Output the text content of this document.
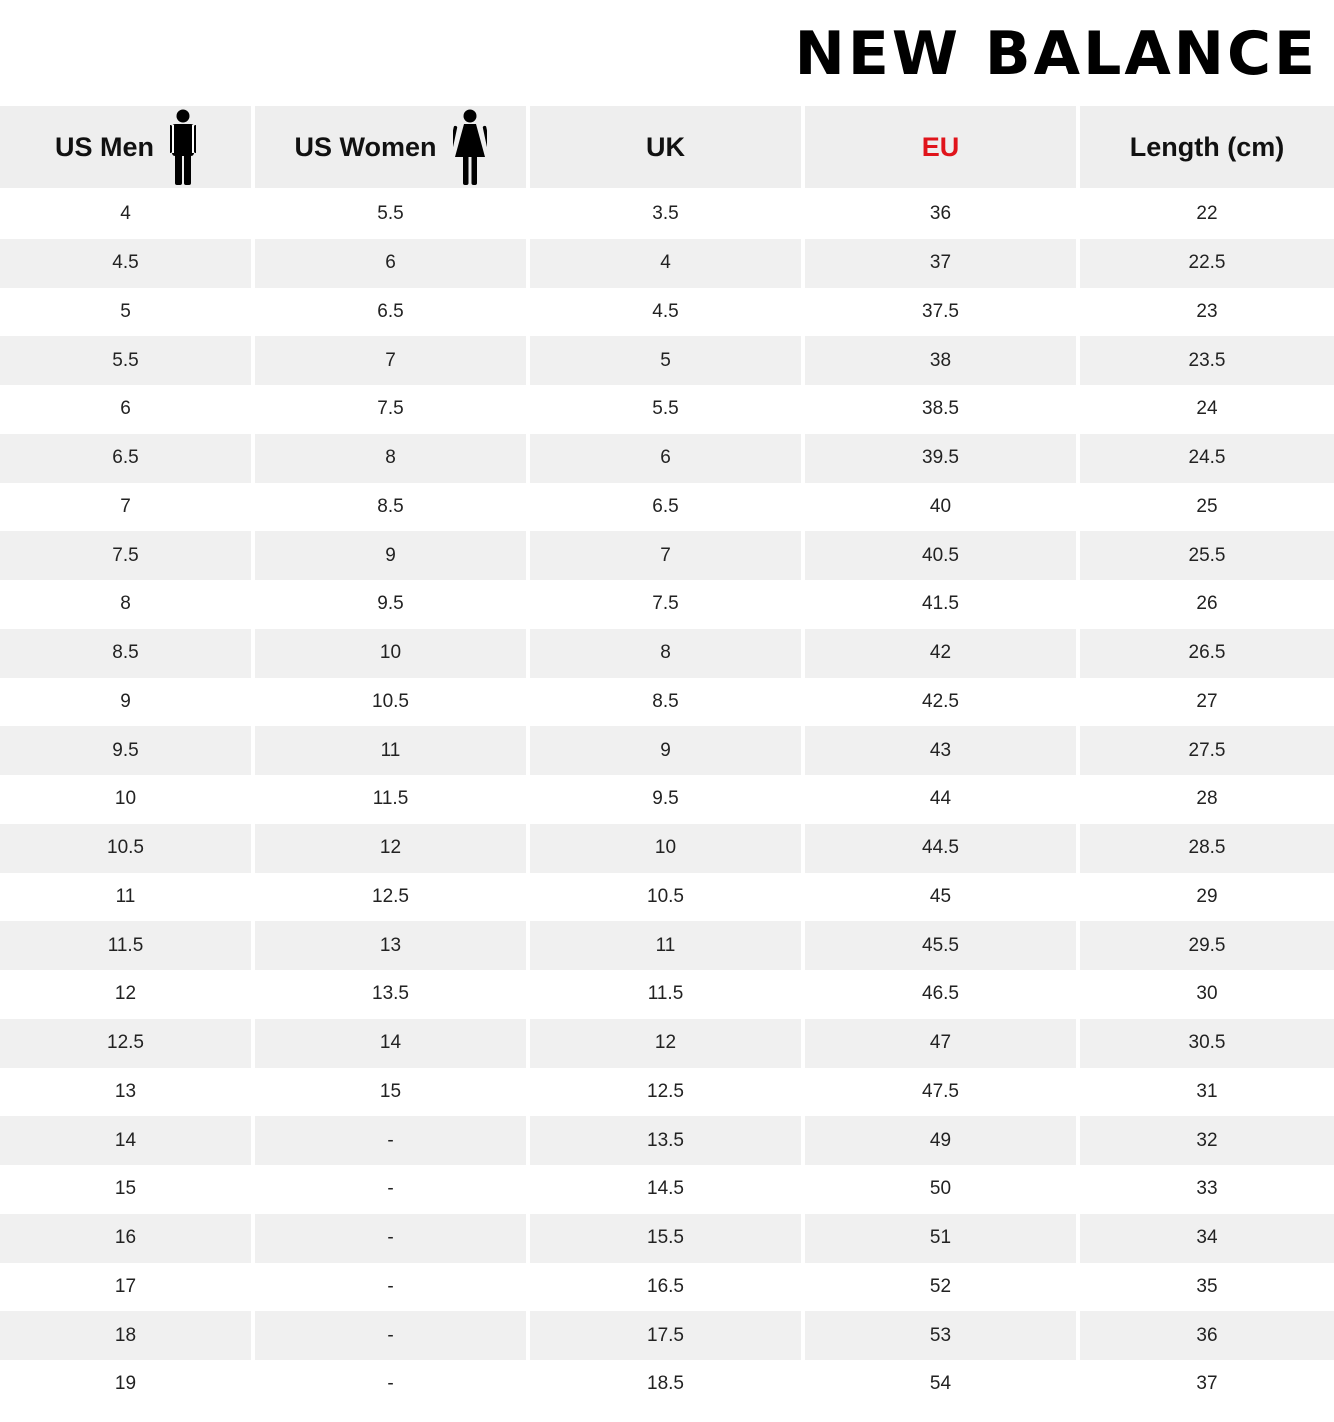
NEW BALANCE
US Men	US Women	UK	EU	Length (cm)
4	5.5	3.5	36	22
4.5	6	4	37	22.5
5	6.5	4.5	37.5	23
5.5	7	5	38	23.5
6	7.5	5.5	38.5	24
6.5	8	6	39.5	24.5
7	8.5	6.5	40	25
7.5	9	7	40.5	25.5
8	9.5	7.5	41.5	26
8.5	10	8	42	26.5
9	10.5	8.5	42.5	27
9.5	11	9	43	27.5
10	11.5	9.5	44	28
10.5	12	10	44.5	28.5
11	12.5	10.5	45	29
11.5	13	11	45.5	29.5
12	13.5	11.5	46.5	30
12.5	14	12	47	30.5
13	15	12.5	47.5	31
14	-	13.5	49	32
15	-	14.5	50	33
16	-	15.5	51	34
17	-	16.5	52	35
18	-	17.5	53	36
19	-	18.5	54	37
